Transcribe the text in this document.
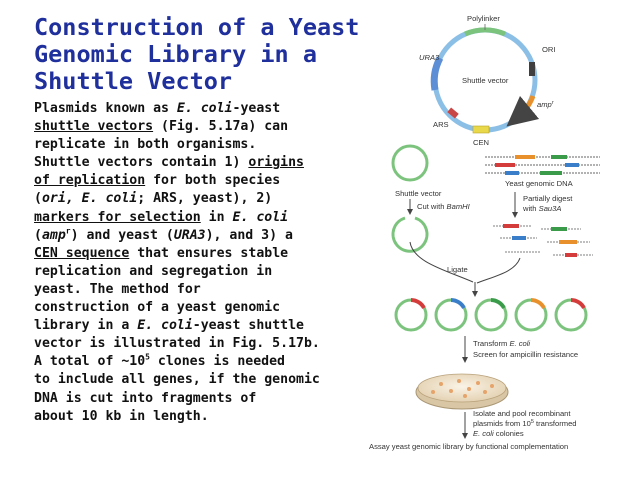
Construction of a Yeast
Genomic Library in a
Shuttle Vector
Plasmids known as E. coli-yeast
shuttle vectors (Fig. 5.17a) can
replicate in both organisms.
Shuttle vectors contain 1) origins
of replication for both species
(ori, E. coli; ARS, yeast), 2)
markers for selection in E. coli
(amp$^r$) and yeast (URA3), and 3) a
CEN sequence that ensures stable
replication and segregation in
yeast. The method for
construction of a yeast genomic
library in a E. coli-yeast shuttle
vector is illustrated in Fig. 5.17b.
A total of $\sim 10^5$ clones is needed
to include all genes, if the genomic
DNA is cut into fragments of
about 10 kb in length.
Polylinker
ORI
URA3
Shuttle vector
amp$^r$
ARS
CEN
Yeast genomic DNA
Shuttle vector
Cut with BamHI
Partially digest
with Sau3A
Ligate
Transform E. coli
Screen for ampicillin resistance
Isolate and pool recombinant
plasmids from $10^5$ transformed
E. coli colonies
Assay yeast genomic library by functional complementation
